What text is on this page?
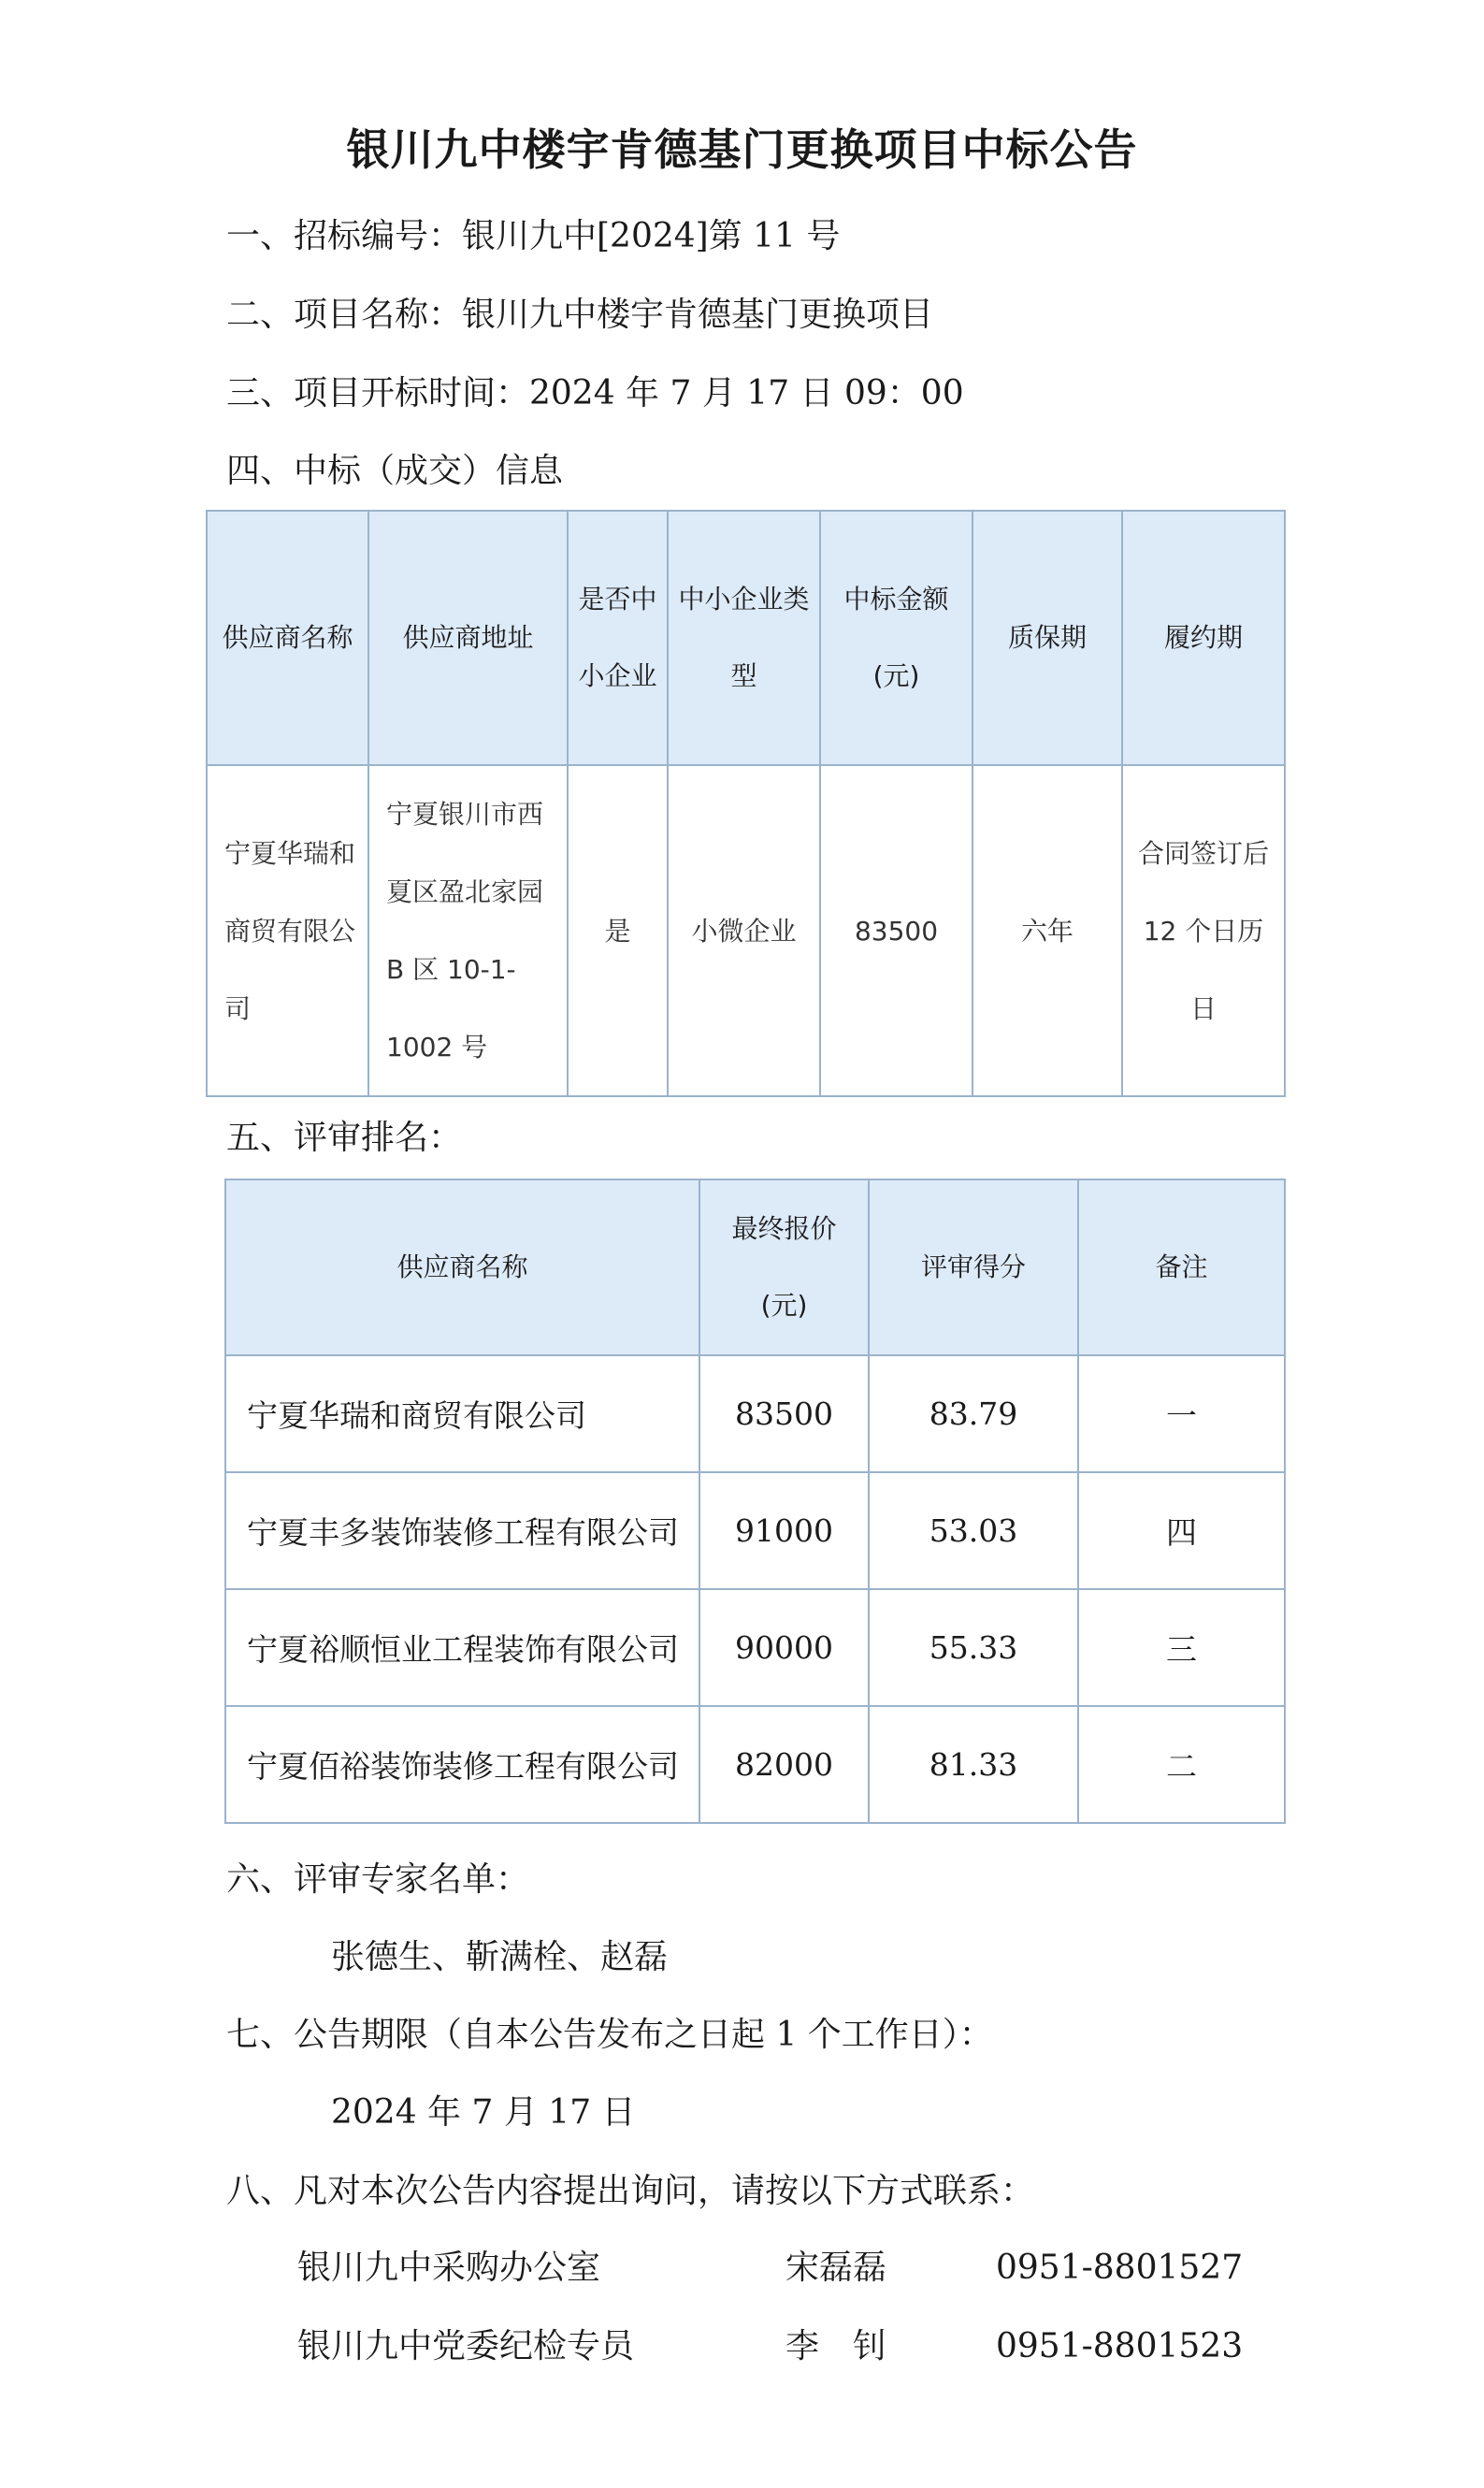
银川九中楼宇肯德基门更换项目中标公告
一、招标编号：银川九中[2024]第 11 号
二、项目名称：银川九中楼宇肯德基门更换项目
三、项目开标时间：2024 年 7 月 17 日 09：00
四、中标（成交）信息
供应商名称	供应商地址	是否中小企业	中小企业类型	中标金额(元)	质保期	履约期
宁夏华瑞和商贸有限公司	宁夏银川市西夏区盈北家园 B 区 10-1-1002 号	是	小微企业	83500	六年	合同签订后 12 个日历日
五、评审排名：
供应商名称	最终报价(元)	评审得分	备注
宁夏华瑞和商贸有限公司	83500	83.79	一
宁夏丰多装饰装修工程有限公司	91000	53.03	四
宁夏裕顺恒业工程装饰有限公司	90000	55.33	三
宁夏佰裕装饰装修工程有限公司	82000	81.33	二
六、评审专家名单：
张德生、靳满栓、赵磊
七、公告期限（自本公告发布之日起 1 个工作日）：
2024 年 7 月 17 日
八、凡对本次公告内容提出询问，请按以下方式联系：
银川九中采购办公室	宋磊磊	0951-8801527
银川九中党委纪检专员	李　钊	0951-8801523
